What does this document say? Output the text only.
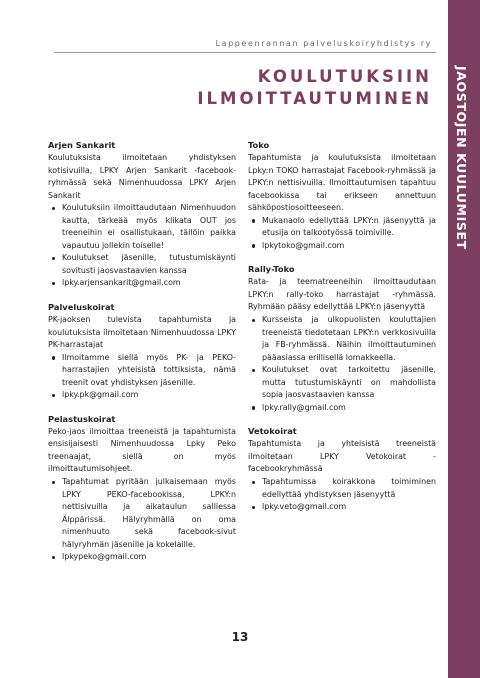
JAOSTOJEN KUULUMISET
Lappeenrannan palveluskoiryhdistys ry
KOULUTUKSIIN
ILMOITTAUTUMINEN
Arjen Sankarit

Koulutuksista ilmoitetaan yhdistyksen kotisivuilla, LPKY Arjen Sankarit -facebook-ryhmässä sekä Nimenhuudossa LPKY Arjen Sankarit

Koulutuksiin ilmoittaudutaan Nimenhuudon kautta, tärkeää myös klikata OUT jos treeneihin ei osallistukaan, tällöin paikka vapautuu jollekin toiselle!
Koulutukset jäsenille, tutustumiskäynti sovitusti jaosvastaavien kanssa
lpky.arjensankarit@gmail.com
Palveluskoirat

PK-jaoksen tulevista tapahtumista ja koulutuksista ilmoitetaan Nimenhuudossa LPKY PK-harrastajat

Ilmoitamme siellä myös PK- ja PEKO-harrastajien yhteisistä tottiksista, nämä treenit ovat yhdistyksen jäsenille.
lpky.pk@gmail.com
Pelastuskoirat

Peko-jaos ilmoittaa treeneistä ja tapahtumista ensisijaisesti Nimenhuudossa Lpky Peko treenaajat, siellä on myös ilmoittautumisohjeet.

Tapahtumat pyritään julkaisemaan myös LPKY PEKO-facebookissa, LPKY:n nettisivuilla ja aikataulun salliessa Älppärissä. Hälyryhmällä on oma nimenhuuto sekä facebook-sivut hälyryhmän jäsenille ja kokelaille.
lpkypeko@gmail.com
Toko

Tapahtumista ja koulutuksista ilmoitetaan Lpky:n TOKO harrastajat Facebook-ryhmässä ja LPKY:n nettisivuilla. Ilmoittautumisen tapahtuu facebookissa tai erikseen annettuun sähköpostiosoitteeseen.

Mukanaolo edellyttää LPKY:n jäsenyyttä ja etusija on talkootyössä toimiville.
lpkytoko@gmail.com
Rally-Toko

Rata- ja teematreeneihin ilmoittaudutaan LPKY:n rally-toko harrastajat -ryhmässä. Ryhmään pääsy edellyttää LPKY:n jäsenyyttä

Kursseista ja ulkopuolisten kouluttajien treeneistä tiedotetaan LPKY:n verkkosivuilla ja FB-ryhmässä. Näihin ilmoittautuminen pääasiassa erillisellä lomakkeella.
Koulutukset ovat tarkoitettu jäsenille, mutta tutustumiskäynti on mahdollista sopia jaosvastaavien kanssa
lpky.rally@gmail.com
Vetokoirat

Tapahtumista ja yhteisistä treeneistä ilmoitetaan LPKY Vetokoirat -facebookryhmässä

Tapahtumissa koirakkona toimiminen edellyttää yhdistyksen jäsenyyttä
lpky.veto@gmail.com
13
